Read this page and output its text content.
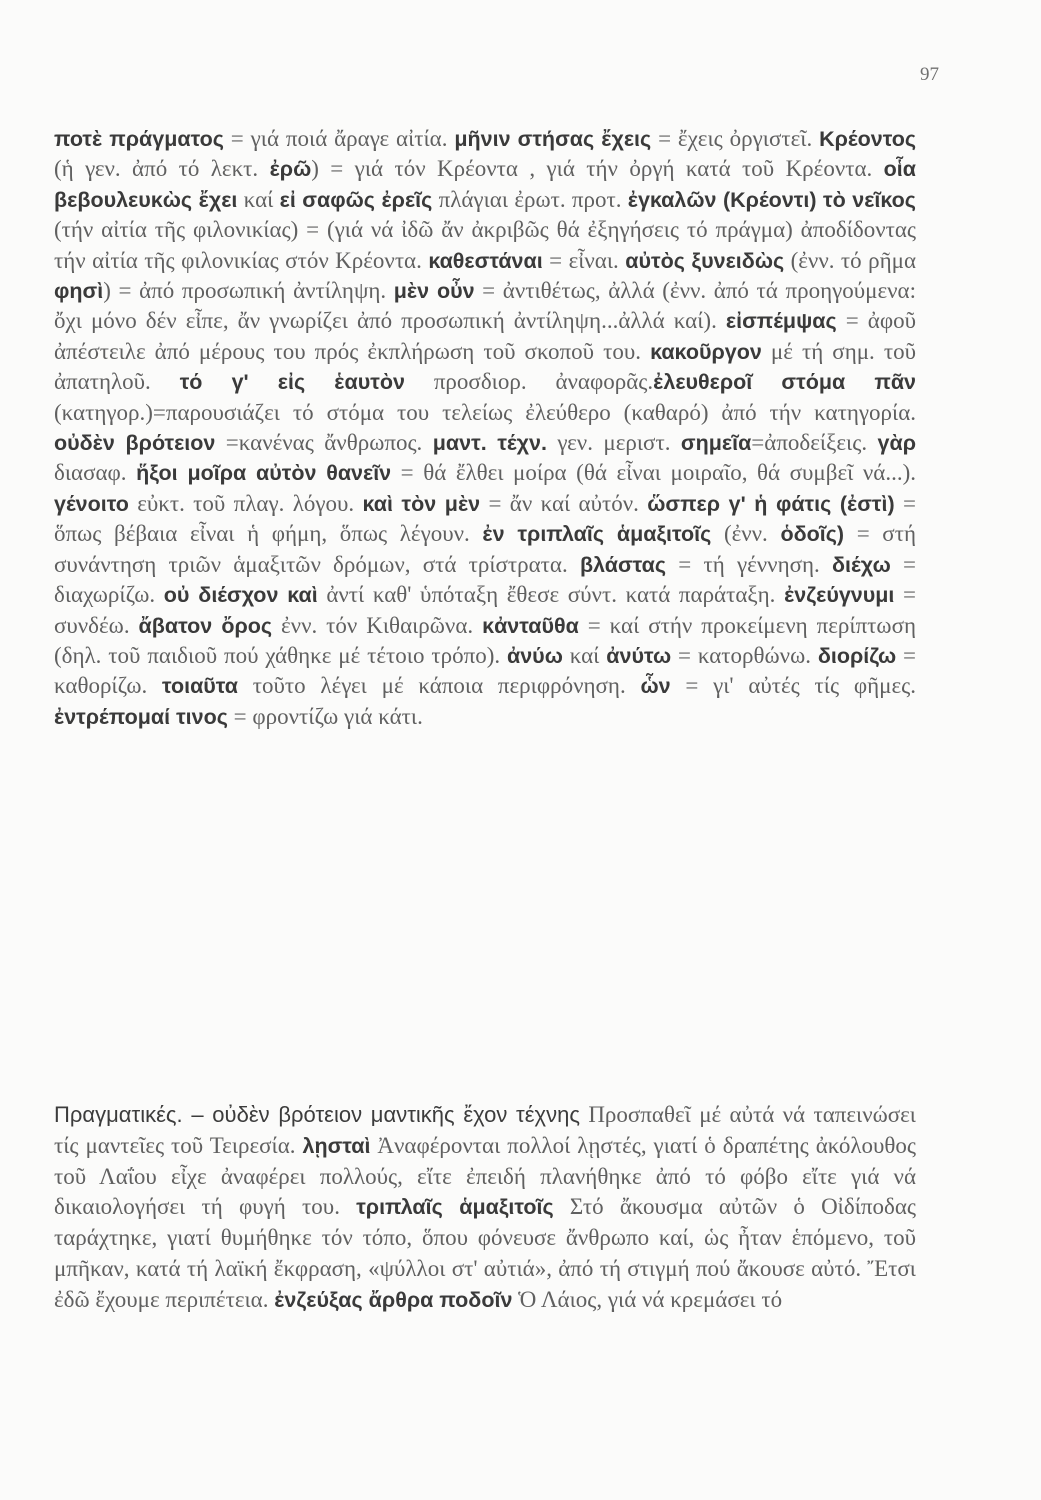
97

ποτὲ πράγματος = γιά ποιά ἄραγε αἰτία. μῆνιν στήσας ἔχεις = ἔχεις ὀργιστεῖ. Κρέοντος (ἡ γεν. ἀπό τό λεκτ. ἐρῶ) = γιά τόν Κρέοντα , γιά τήν ὀργή κατά τοῦ Κρέοντα. οἷα βεβουλευκὼς ἔχει καί εἰ σαφῶς ἐρεῖς πλάγιαι ἐρωτ. προτ. ἐγκαλῶν (Κρέοντι) τὸ νεῖκος (τήν αἰτία τῆς φιλονικίας) = (γιά νά ἰδῶ ἄν ἀκριβῶς θά ἐξηγήσεις τό πράγμα) ἀποδίδοντας τήν αἰτία τῆς φιλονικίας στόν Κρέοντα. καθεστάναι = εἶναι. αὐτὸς ξυνειδὼς (ἐνν. τό ρῆμα φησὶ) = ἀπό προσωπική ἀντίληψη. μὲν οὖν = ἀντιθέτως, ἀλλά (ἐνν. ἀπό τά προηγούμενα: ὄχι μόνο δέν εἶπε, ἄν γνωρίζει ἀπό προσωπική ἀντίληψη...ἀλλά καί). εἰσπέμψας = ἀφοῦ ἀπέστειλε ἀπό μέρους του πρός ἐκπλήρωση τοῦ σκοποῦ του. κακοῦργον μέ τή σημ. τοῦ ἀπατηλοῦ. τό γ' εἰς ἑαυτὸν προσδιορ. ἀναφορᾶς.ἐλευθεροῖ στόμα πᾶν (κατηγορ.)=παρουσιάζει τό στόμα του τελείως ἐλεύθερο (καθαρό) ἀπό τήν κατηγορία. οὐδὲν βρότειον =κανένας ἄνθρωπος. μαντ. τέχν. γεν. μεριστ. σημεῖα=ἀποδείξεις. γὰρ διασαφ. ἥξοι μοῖρα αὐτὸν θανεῖν = θά ἔλθει μοίρα (θά εἶναι μοιραῖο, θά συμβεῖ νά...). γένοιτο εὐκτ. τοῦ πλαγ. λόγου. καὶ τὸν μὲν = ἄν καί αὐτόν. ὥσπερ γ' ἡ φάτις (ἐστὶ) = ὅπως βέβαια εἶναι ἡ φήμη, ὅπως λέγουν. ἐν τριπλαῖς ἁμαξιτοῖς (ἐνν. ὁδοῖς) = στή συνάντηση τριῶν ἁμαξιτῶν δρόμων, στά τρίστρατα. βλάστας = τή γέννηση. διέχω = διαχωρίζω. οὐ διέσχον καὶ ἀντί καθ' ὑπόταξη ἔθεσε σύντ. κατά παράταξη. ἐνζεύγνυμι = συνδέω. ἄβατον ὄρος ἐνν. τόν Κιθαιρῶνα. κἀνταῦθα = καί στήν προκείμενη περίπτωση (δηλ. τοῦ παιδιοῦ πού χάθηκε μέ τέτοιο τρόπο). ἀνύω καί ἀνύτω = κατορθώνω. διορίζω = καθορίζω. τοιαῦτα τοῦτο λέγει μέ κάποια περιφρόνηση. ὧν = γι' αὐτές τίς φῆμες. ἐντρέπομαί τινος = φροντίζω γιά κάτι.

Πραγματικές. – οὐδὲν βρότειον μαντικῆς ἔχον τέχνης Προσπαθεῖ μέ αὐτά νά ταπεινώσει τίς μαντεῖες τοῦ Τειρεσία. λῃσταὶ Ἀναφέρονται πολλοί λῃστές, γιατί ὁ δραπέτης ἀκόλουθος τοῦ Λαΐου εἶχε ἀναφέρει πολλούς, εἴτε ἐπειδή πλανήθηκε ἀπό τό φόβο εἴτε γιά νά δικαιολογήσει τή φυγή του. τριπλαῖς ἁμαξιτοῖς Στό ἄκουσμα αὐτῶν ὁ Οἰδίποδας ταράχτηκε, γιατί θυμήθηκε τόν τόπο, ὅπου φόνευσε ἄνθρωπο καί, ὡς ἦταν ἑπόμενο, τοῦ μπῆκαν, κατά τή λαϊκή ἔκφραση, «ψύλλοι στ' αὐτιά», ἀπό τή στιγμή πού ἄκουσε αὐτό. Ἔτσι ἐδῶ ἔχουμε περιπέτεια. ἐνζεύξας ἄρθρα ποδοῖν Ὁ Λάιος, γιά νά κρεμάσει τό
